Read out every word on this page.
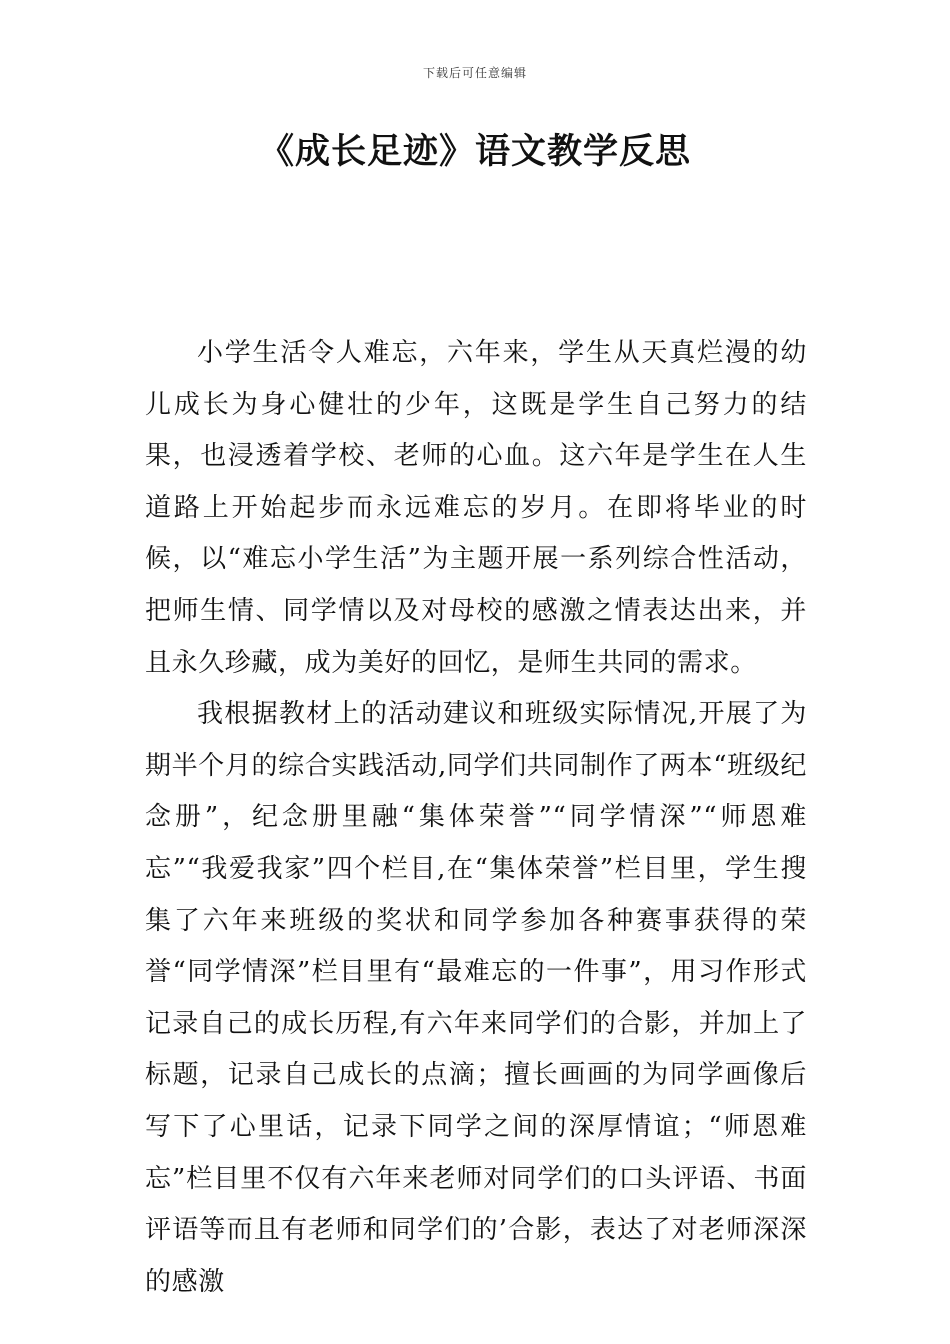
下载后可任意编辑
《成长足迹》语文教学反思

小学生活令人难忘，六年来，学生从天真烂漫的幼儿成长为身心健壮的少年，这既是学生自己努力的结果，也浸透着学校、老师的心血。这六年是学生在人生道路上开始起步而永远难忘的岁月。在即将毕业的时候，以“难忘小学生活”为主题开展一系列综合性活动，把师生情、同学情以及对母校的感激之情表达出来，并且永久珍藏，成为美好的回忆，是师生共同的需求。

我根据教材上的活动建议和班级实际情况,开展了为期半个月的综合实践活动,同学们共同制作了两本“班级纪念册”，纪念册里融“集体荣誉”“同学情深”“师恩难忘”“我爱我家”四个栏目,在“集体荣誉”栏目里，学生搜集了六年来班级的奖状和同学参加各种赛事获得的荣誉“同学情深”栏目里有“最难忘的一件事”，用习作形式记录自己的成长历程,有六年来同学们的合影，并加上了标题，记录自己成长的点滴；擅长画画的为同学画像后写下了心里话，记录下同学之间的深厚情谊；“师恩难忘”栏目里不仅有六年来老师对同学们的口头评语、书面评语等而且有老师和同学们的’合影，表达了对老师深深的感激
